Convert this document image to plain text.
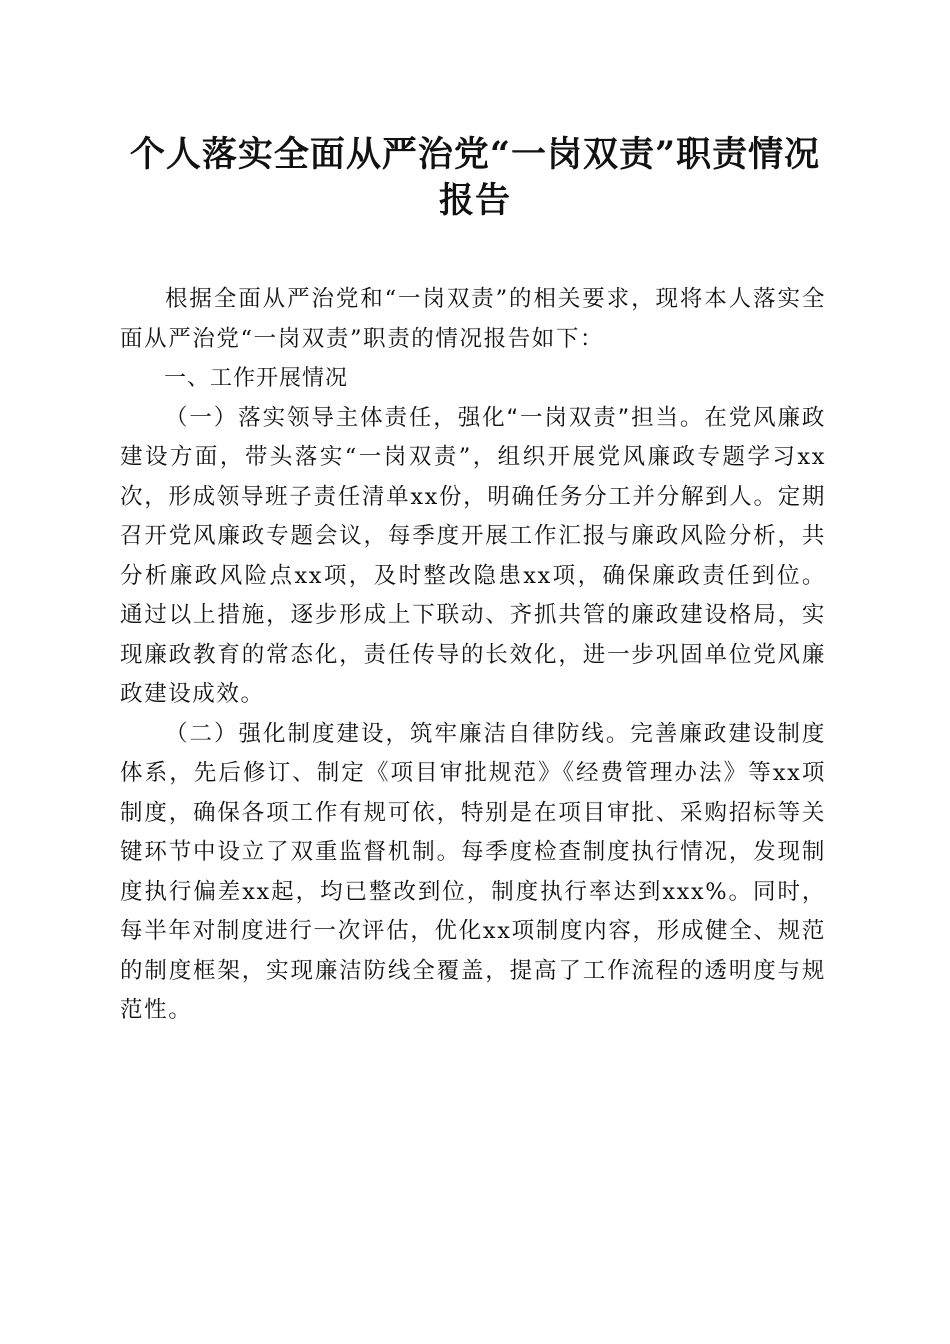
个人落实全面从严治党“一岗双责”职责情况
报告

根据全面从严治党和“一岗双责”的相关要求，现将本人落实全面从严治党“一岗双责”职责的情况报告如下：

一、工作开展情况

（一）落实领导主体责任，强化“一岗双责”担当。在党风廉政建设方面，带头落实“一岗双责”，组织开展党风廉政专题学习xx次，形成领导班子责任清单xx份，明确任务分工并分解到人。定期召开党风廉政专题会议，每季度开展工作汇报与廉政风险分析，共分析廉政风险点xx项，及时整改隐患xx项，确保廉政责任到位。通过以上措施，逐步形成上下联动、齐抓共管的廉政建设格局，实现廉政教育的常态化，责任传导的长效化，进一步巩固单位党风廉政建设成效。

（二）强化制度建设，筑牢廉洁自律防线。完善廉政建设制度体系，先后修订、制定《项目审批规范》《经费管理办法》等xx项制度，确保各项工作有规可依，特别是在项目审批、采购招标等关键环节中设立了双重监督机制。每季度检查制度执行情况，发现制度执行偏差xx起，均已整改到位，制度执行率达到xxx%。同时，每半年对制度进行一次评估，优化xx项制度内容，形成健全、规范的制度框架，实现廉洁防线全覆盖，提高了工作流程的透明度与规范性。
